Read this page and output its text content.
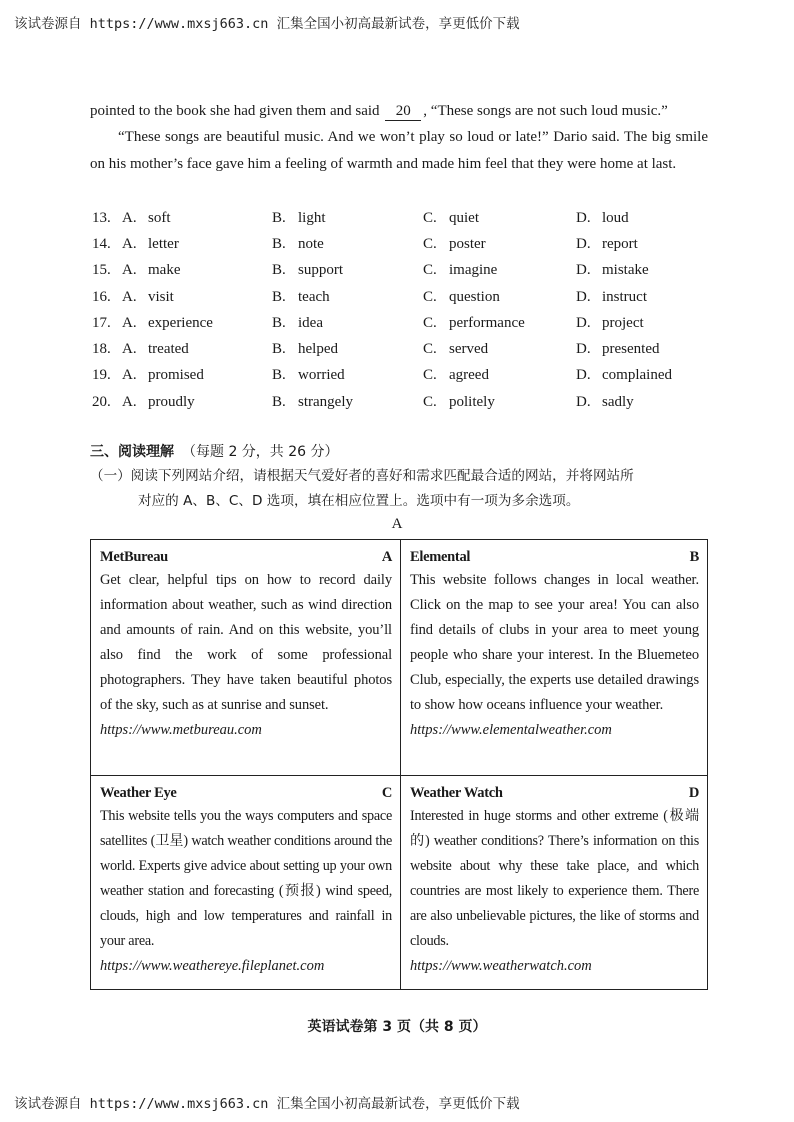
该试卷源自 https://www.mxsj663.cn 汇集全国小初高最新试卷，享更低价下载
pointed to the book she had given them and said 20 , “These songs are not such loud music.”
“These songs are beautiful music. And we won’t play so loud or late!” Dario said. The big smile on his mother’s face gave him a feeling of warmth and made him feel that they were home at last.
13. A. soft	B. light	C. quiet	D. loud
14. A. letter	B. note	C. poster	D. report
15. A. make	B. support	C. imagine	D. mistake
16. A. visit	B. teach	C. question	D. instruct
17. A. experience	B. idea	C. performance	D. project
18. A. treated	B. helped	C. served	D. presented
19. A. promised	B. worried	C. agreed	D. complained
20. A. proudly	B. strangely	C. politely	D. sadly
三、阅读理解 （每题 2 分，共 26 分）
（一）阅读下列网站介绍，请根据天气爱好者的喜好和需求匹配最合适的网站，并将网站所
对应的 A、B、C、D 选项，填在相应位置上。选项中有一项为多余选项。
A
MetBureau	A
Get clear, helpful tips on how to record daily information about weather, such as wind direction and amounts of rain. And on this website, you’ll also find the work of some professional photographers. They have taken beautiful photos of the sky, such as at sunrise and sunset.
https://www.metbureau.com
Elemental	B
This website follows changes in local weather. Click on the map to see your area! You can also find details of clubs in your area to meet young people who share your interest. In the Bluemeteo Club, especially, the experts use detailed drawings to show how oceans influence your weather.
https://www.elementalweather.com
Weather Eye	C
This website tells you the ways computers and space satellites (卫星) watch weather conditions around the world. Experts give advice about setting up your own weather station and forecasting (预报) wind speed, clouds, high and low temperatures and rainfall in your area.
https://www.weathereye.fileplanet.com
Weather Watch	D
Interested in huge storms and other extreme (极端的) weather conditions? There’s information on this website about why these take place, and which countries are most likely to experience them. There are also unbelievable pictures, the like of storms and clouds.
https://www.weatherwatch.com
英语试卷第 3 页（共 8 页）
该试卷源自 https://www.mxsj663.cn 汇集全国小初高最新试卷，享更低价下载
